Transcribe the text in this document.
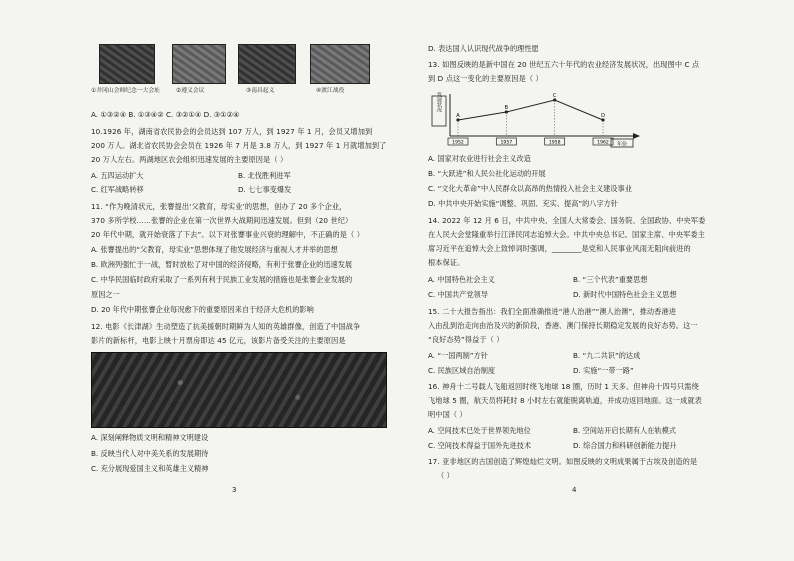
①井冈山会师纪念一大会址	②遵义会议	③南昌起义	④渡江战役
A. ①③②④ B. ①③④② C. ③②①④ D. ③①②④
10.1926 年，湖南省农民协会的会员达到 107 万人，到 1927 年 1 月，会员又增加到
200 万人。湖北省农民协会会员在 1926 年 7 月是 3.8 万人，到 1927 年 1 月就增加到了
20 万人左右。两湖地区农会组织迅速发展的主要原因是（ ）
A. 五四运动扩大	B. 北伐胜利进军
C. 红军战略转移	D. 七七事变爆发
11. “作为晚清状元，张謇提出‘父教育，母实业’的思想，创办了 20 多个企业，
370 多所学校……张謇的企业在第一次世界大战期间迅速发展。但到（20 世纪）
20 年代中期，就开始衰落了下去”。以下对张謇事业兴衰的理解中，不正确的是（ ）
A. 张謇提出的“父教育，母实业”思想体现了他发展经济与重视人才并举的思想
B. 欧洲列强忙于一战，暂时放松了对中国的经济侵略，有利于张謇企业的迅速发展
C. 中华民国临时政府采取了一系列有利于民族工业发展的措施也是张謇企业发展的
原因之一
D. 20 年代中期张謇企业每况愈下的重要原因来自于经济大危机的影响
12. 电影《长津湖》生动塑造了抗美援朝时期鲜为人知的英雄群像，创造了中国战争
影片的新标杆，电影上映十月票房即达 45 亿元，该影片备受关注的主要原因是
A. 深刻阐释物质文明和精神文明建设
B. 反映当代人对中美关系的发展期待
C. 充分展现爱国主义和英雄主义精神
3
D. 表达国人认识现代战争的理性愿
13. 如图反映的是新中国在 20 世纪五六十年代的农业经济发展状况，出现图中 C 点
到 D 点这一变化的主要原因是（ ）
发展状况
年份
A
1952
B
1957
C
1958
D
1962
A. 国家对农业进行社会主义改造
B. “大跃进”和人民公社化运动的开展
C. “文化大革命”中人民群众以高昂的热情投入社会主义建设事业
D. 中共中央开始实施“调整、巩固、充实、提高”的八字方针
14. 2022 年 12 月 6 日，中共中央、全国人大常委会、国务院、全国政协、中央军委
在人民大会堂隆重举行江泽民同志追悼大会。中共中央总书记、国家主席、中央军委主
席习近平在追悼大会上致悼词时强调，________是党和人民事业风雨无阻向前进的
根本保证。
A. 中国特色社会主义	B. “三个代表”重要思想
C. 中国共产党领导	D. 新时代中国特色社会主义思想
15. 二十大报告指出：我们全面准确推进“港人治港”“澳人治澳”，推动香港进
入由乱到治走向由治及兴的新阶段，香港、澳门保持长期稳定发展的良好态势。这一
“良好态势”得益于（ ）
A. “一国两制”方针	B. “九二共识”的达成
C. 民族区域自治制度	D. 实施“一带一路”
16. 神舟十二号载人飞船返回时绕飞地球 18 圈，历时 1 天多。但神舟十四号只需绕
飞地球 5 圈，航天员将耗时 8 小时左右就能脱离轨道，并成功返回地面。这一成就表
明中国（ ）
A. 空间技术已处于世界领先地位	B. 空间站开启长期有人在轨模式
C. 空间技术得益于国外先进技术	D. 综合国力和科研创新能力提升
17. 亚非地区的古国创造了辉煌灿烂文明。如图反映的文明成果属于古埃及创造的是
（ ）
4
